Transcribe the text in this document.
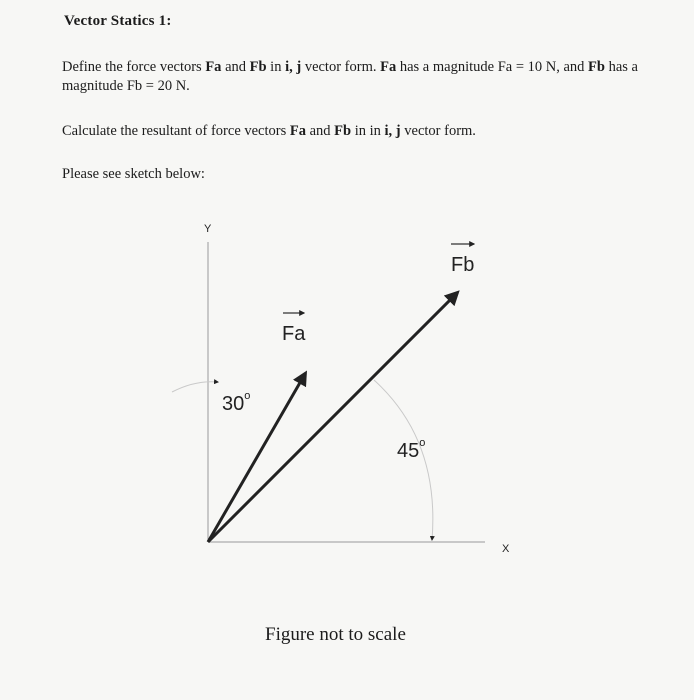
Vector Statics 1:
Define the force vectors Fa and Fb in i, j vector form. Fa has a magnitude Fa = 10 N, and Fb has a magnitude Fb = 20 N.
Calculate the resultant of force vectors Fa and Fb in in i, j vector form.
Please see sketch below:
Y
X
Fa
Fb
30$^o$
45$^o$
Figure not to scale
